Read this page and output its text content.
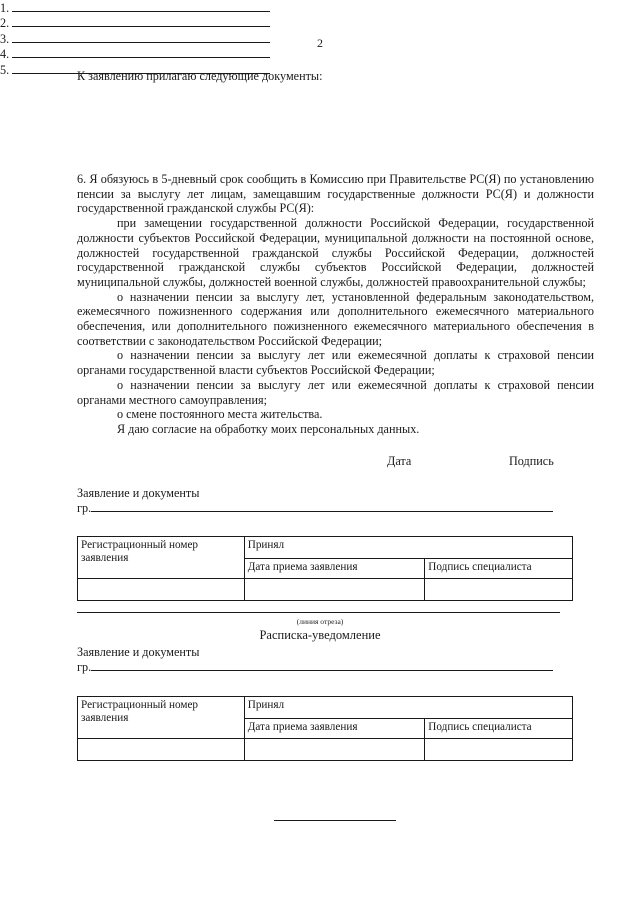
2
К заявлению прилагаю следующие документы:
1.
2.
3.
4.
5.

6. Я обязуюсь в 5-дневный срок сообщить в Комиссию при Правительстве РС(Я) по установлению пенсии за выслугу лет лицам, замещавшим государственные должности РС(Я) и должности государственной гражданской службы РС(Я):

при замещении государственной должности Российской Федерации, государственной должности субъектов Российской Федерации, муниципальной должности на постоянной основе, должностей государственной гражданской службы Российской Федерации, должностей государственной гражданской службы субъектов Российской Федерации, должностей муниципальной службы, должностей военной службы, должностей правоохранительной службы;

о назначении пенсии за выслугу лет, установленной федеральным законодательством, ежемесячного пожизненного содержания или дополнительного ежемесячного материального обеспечения, или дополнительного пожизненного ежемесячного материального обеспечения в соответствии с законодательством Российской Федерации;

о назначении пенсии за выслугу лет или ежемесячной доплаты к страховой пенсии органами государственной власти субъектов Российской Федерации;

о назначении пенсии за выслугу лет или ежемесячной доплаты к страховой пенсии органами местного самоуправления;

о смене постоянного места жительства.

Я даю согласие на обработку моих персональных данных.

Дата	Подпись
Заявление и документы
гр.
Регистрационный номер заявления	Принял	
	Дата приема заявления	Подпись специалиста

(линия отреза)
Расписка-уведомление
Заявление и документы
гр.
Регистрационный номер заявления	Принял	
	Дата приема заявления	Подпись специалиста
